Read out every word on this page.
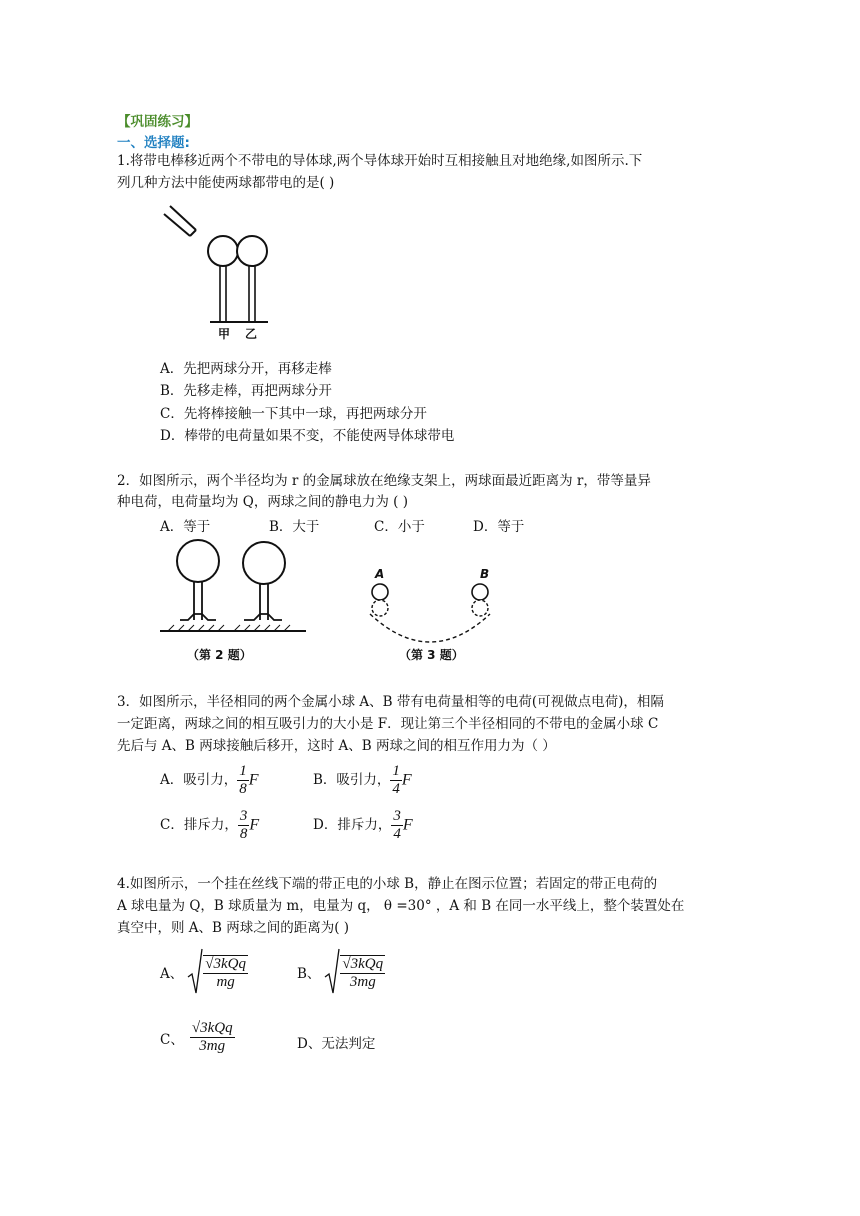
【巩固练习】
一、选择题:
1.将带电棒移近两个不带电的导体球,两个导体球开始时互相接触且对地绝缘,如图所示.下
列几种方法中能使两球都带电的是( )
甲 乙
A．先把两球分开，再移走棒
B．先移走棒，再把两球分开
C．先将棒接触一下其中一球，再把两球分开
D．棒带的电荷量如果不变，不能使两导体球带电
2．如图所示，两个半径均为 r 的金属球放在绝缘支架上，两球面最近距离为 r，带等量异
种电荷，电荷量均为 Q，两球之间的静电力为 ( )
A．等于	B．大于	C．小于	D．等于
（第 2 题）
A	B
（第 3 题）
3．如图所示，半径相同的两个金属小球 A、B 带有电荷量相等的电荷(可视做点电荷)，相隔
一定距离，两球之间的相互吸引力的大小是 F．现让第三个半径相同的不带电的金属小球 C
先后与 A、B 两球接触后移开，这时 A、B 两球之间的相互作用力为（ ）
A．吸引力， $\frac{1}{8}$ F	B．吸引力， $\frac{1}{4}$ F
C．排斥力， $\frac{3}{8}$ F	D．排斥力， $\frac{3}{4}$ F
4.如图所示，一个挂在丝线下端的带正电的小球 B，静止在图示位置；若固定的带正电荷的
A 球电量为 Q，B 球质量为 m，电量为 q， θ =30° ，A 和 B 在同一水平线上，整个装置处在
真空中，则 A、B 两球之间的距离为( )
A、 $\frac{\text{√3kQq}}{mg}$	B、 $\frac{\text{√3kQq}}{3mg}$
C、 $\frac{\text{√3kQq}}{3mg}$	D、无法判定
